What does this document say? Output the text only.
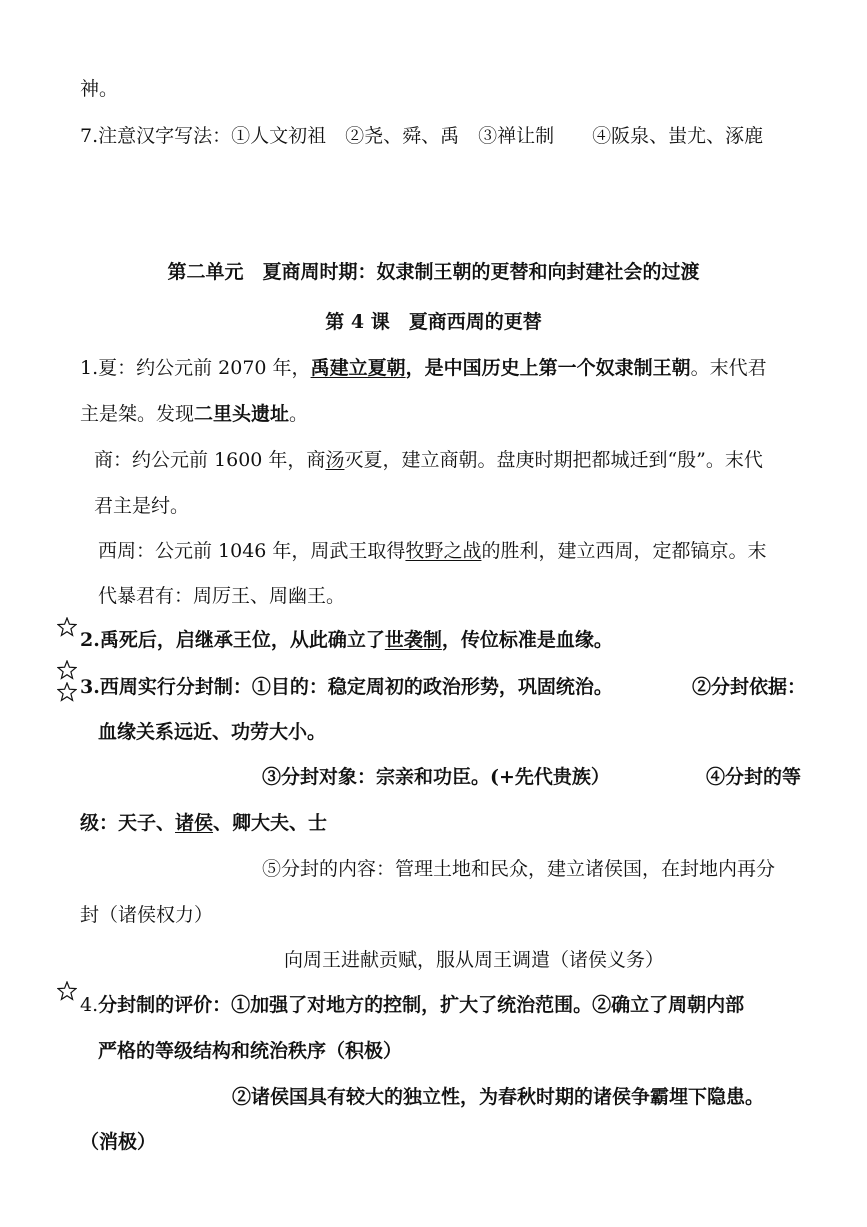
神。
7.注意汉字写法：①人文初祖　②尧、舜、禹　③禅让制　　④阪泉、蚩尤、涿鹿
第二单元　夏商周时期：奴隶制王朝的更替和向封建社会的过渡
第 4 课　夏商西周的更替
1.夏：约公元前 2070 年，禹建立夏朝，是中国历史上第一个奴隶制王朝。末代君
主是桀。发现二里头遗址。
商：约公元前 1600 年，商汤灭夏，建立商朝。盘庚时期把都城迁到“殷”。末代
君主是纣。
西周：公元前 1046 年，周武王取得牧野之战的胜利，建立西周，定都镐京。末
代暴君有：周厉王、周幽王。
2.禹死后，启继承王位，从此确立了世袭制，传位标准是血缘。
3.西周实行分封制：①目的：稳定周初的政治形势，巩固统治。	②分封依据：
血缘关系远近、功劳大小。
③分封对象：宗亲和功臣。(+先代贵族）	④分封的等
级：天子、诸侯、卿大夫、士
⑤分封的内容：管理土地和民众，建立诸侯国，在封地内再分
封（诸侯权力）
向周王进献贡赋，服从周王调遣（诸侯义务）
4.分封制的评价：①加强了对地方的控制，扩大了统治范围。②确立了周朝内部
严格的等级结构和统治秩序（积极）
②诸侯国具有较大的独立性，为春秋时期的诸侯争霸埋下隐患。
（消极）
